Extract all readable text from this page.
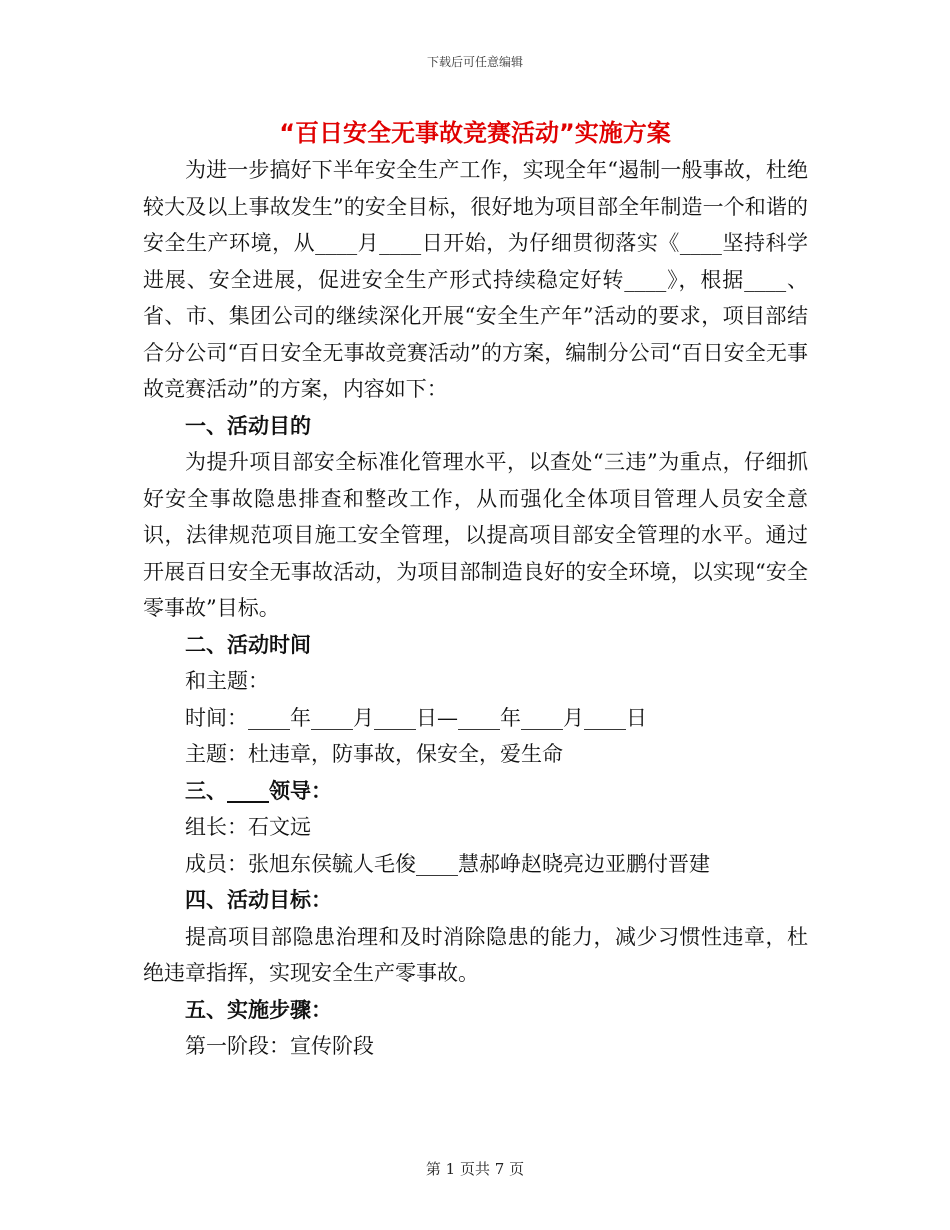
下载后可任意编辑
“百日安全无事故竞赛活动”实施方案

为进一步搞好下半年安全生产工作，实现全年“遏制一般事故，杜绝较大及以上事故发生”的安全目标，很好地为项目部全年制造一个和谐的安全生产环境，从____月____日开始，为仔细贯彻落实《____坚持科学进展、安全进展，促进安全生产形式持续稳定好转____》，根据____、省、市、集团公司的继续深化开展“安全生产年”活动的要求，项目部结合分公司“百日安全无事故竞赛活动”的方案，编制分公司“百日安全无事故竞赛活动”的方案，内容如下：

一、活动目的

为提升项目部安全标准化管理水平，以查处“三违”为重点，仔细抓好安全事故隐患排查和整改工作，从而强化全体项目管理人员安全意识，法律规范项目施工安全管理，以提高项目部安全管理的水平。通过开展百日安全无事故活动，为项目部制造良好的安全环境，以实现“安全零事故”目标。

二、活动时间

和主题：

时间：____年____月____日—____年____月____日

主题：杜违章，防事故，保安全，爱生命

三、____领导：

组长：石文远

成员：张旭东侯毓人毛俊____慧郝峥赵晓亮边亚鹏付晋建

四、活动目标：

提高项目部隐患治理和及时消除隐患的能力，减少习惯性违章，杜绝违章指挥，实现安全生产零事故。

五、实施步骤：

第一阶段：宣传阶段

第 1 页共 7 页
